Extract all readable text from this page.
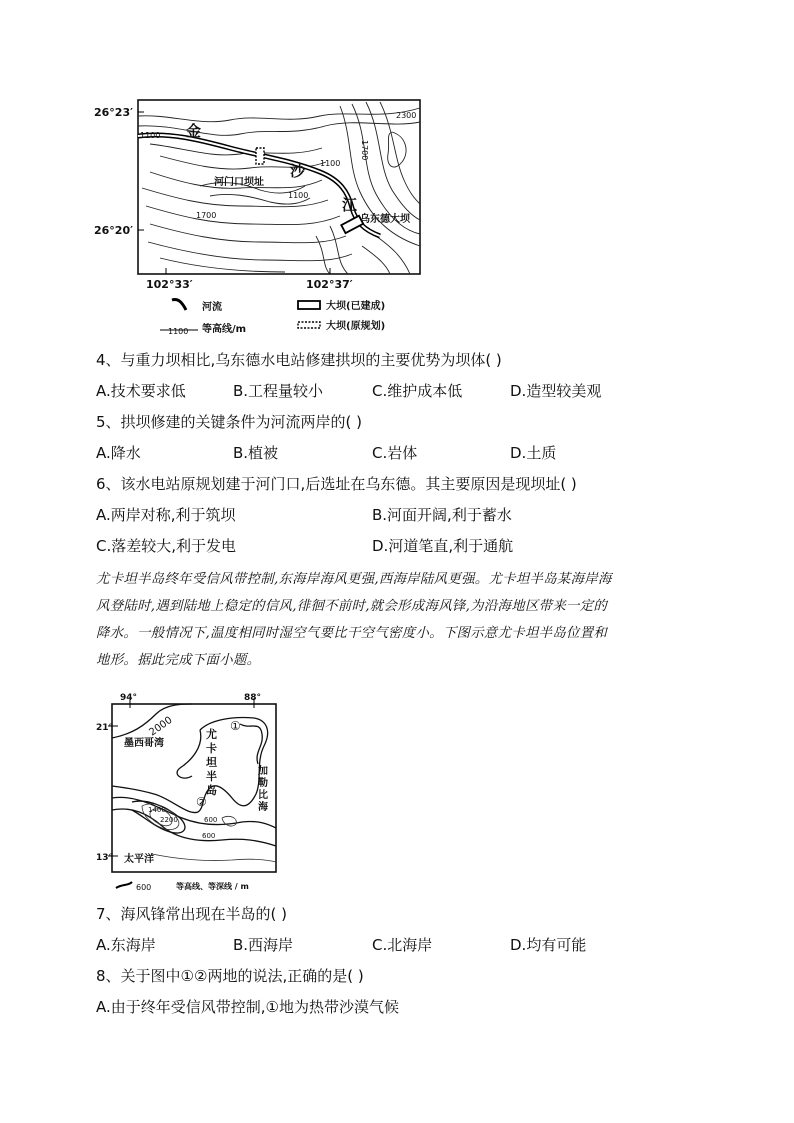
26°23′
26°20′
102°33′	102°37′
金
沙
江
1100
1700
2300
1100
1100
1700
河门口坝址
乌东德大坝
河流
1100 等高线/m
大坝(已建成)
大坝(原规划)
4、与重力坝相比,乌东德水电站修建拱坝的主要优势为坝体( )
A.技术要求低	B.工程量较小	C.维护成本低	D.造型较美观
5、拱坝修建的关键条件为河流两岸的( )
A.降水	B.植被	C.岩体	D.土质
6、该水电站原规划建于河门口,后选址在乌东德。其主要原因是现坝址( )
A.两岸对称,利于筑坝	B.河面开阔,利于蓄水
C.落差较大,利于发电	D.河道笔直,利于通航
尤卡坦半岛终年受信风带控制,东海岸海风更强,西海岸陆风更强。尤卡坦半岛某海岸海
风登陆时,遇到陆地上稳定的信风,徘徊不前时,就会形成海风锋,为沿海地区带来一定的
降水。一般情况下,温度相同时湿空气要比干空气密度小。下图示意尤卡坦半岛位置和
地形。据此完成下面小题。
94°	88°
21°
13°
2000
墨西哥湾
①
②
尤
卡
坦
半
岛
加
勒
比
海
1400
2200	600
600
太平洋
600	等高线、等深线 / m
7、海风锋常出现在半岛的( )
A.东海岸	B.西海岸	C.北海岸	D.均有可能
8、关于图中①②两地的说法,正确的是( )
A.由于终年受信风带控制,①地为热带沙漠气候
